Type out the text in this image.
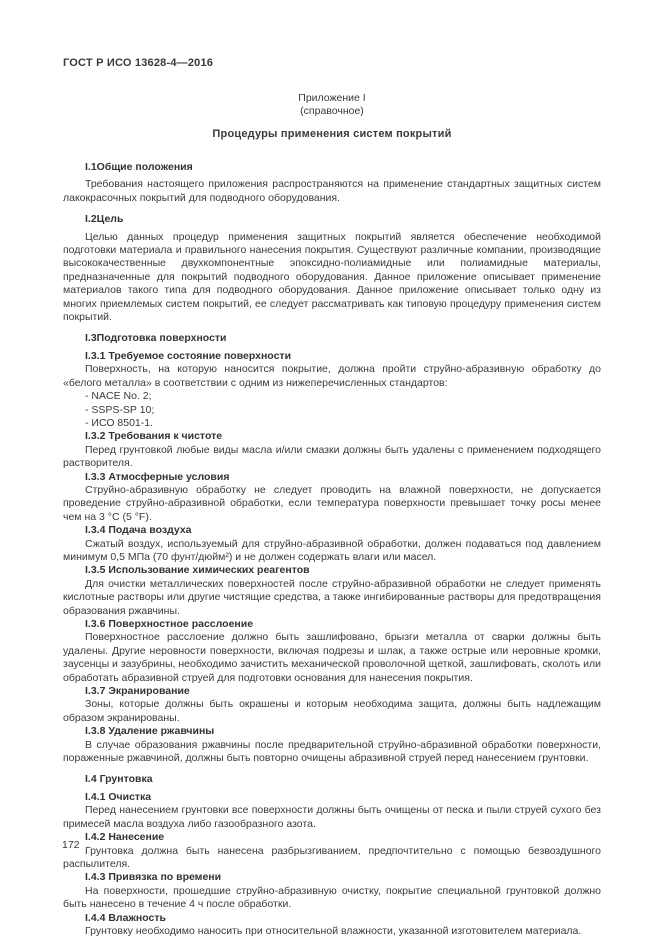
ГОСТ Р ИСО 13628-4—2016
Приложение I
(справочное)
Процедуры применения систем покрытий
I.1Общие положения
Требования настоящего приложения распространяются на применение стандартных защитных систем лакокрасочных покрытий для подводного оборудования.
I.2Цель
Целью данных процедур применения защитных покрытий является обеспечение необходимой подготовки материала и правильного нанесения покрытия. Существуют различные компании, производящие высококачественные двухкомпонентные эпоксидно-полиамидные или полиамидные материалы, предназначенные для покрытий подводного оборудования. Данное приложение описывает применение материалов такого типа для подводного оборудования. Данное приложение описывает только одну из многих приемлемых систем покрытий, ее следует рассматривать как типовую процедуру применения систем покрытий.
I.3Подготовка поверхности
I.3.1 Требуемое состояние поверхности
Поверхность, на которую наносится покрытие, должна пройти струйно-абразивную обработку до «белого металла» в соответствии с одним из нижеперечисленных стандартов:
- NACE No. 2;
- SSPS-SP 10;
- ИСО 8501-1.
I.3.2 Требования к чистоте
Перед грунтовкой любые виды масла и/или смазки должны быть удалены с применением подходящего растворителя.
I.3.3 Атмосферные условия
Струйно-абразивную обработку не следует проводить на влажной поверхности, не допускается проведение струйно-абразивной обработки, если температура поверхности превышает точку росы менее чем на 3 °C (5 °F).
I.3.4 Подача воздуха
Сжатый воздух, используемый для струйно-абразивной обработки, должен подаваться под давлением минимум 0,5 МПа (70 фунт/дюйм²) и не должен содержать влаги или масел.
I.3.5 Использование химических реагентов
Для очистки металлических поверхностей после струйно-абразивной обработки не следует применять кислотные растворы или другие чистящие средства, а также ингибированные растворы для предотвращения образования ржавчины.
I.3.6 Поверхностное расслоение
Поверхностное расслоение должно быть зашлифовано, брызги металла от сварки должны быть удалены. Другие неровности поверхности, включая подрезы и шлак, а также острые или неровные кромки, заусенцы и зазубрины, необходимо зачистить механической проволочной щеткой, зашлифовать, сколоть или обработать абразивной струей для подготовки основания для нанесения покрытия.
I.3.7 Экранирование
Зоны, которые должны быть окрашены и которым необходима защита, должны быть надлежащим образом экранированы.
I.3.8 Удаление ржавчины
В случае образования ржавчины после предварительной струйно-абразивной обработки поверхности, пораженные ржавчиной, должны быть повторно очищены абразивной струей перед нанесением грунтовки.
I.4 Грунтовка
I.4.1 Очистка
Перед нанесением грунтовки все поверхности должны быть очищены от песка и пыли струей сухого без примесей масла воздуха либо газообразного азота.
I.4.2 Нанесение
Грунтовка должна быть нанесена разбрызгиванием, предпочтительно с помощью безвоздушного распылителя.
I.4.3 Привязка по времени
На поверхности, прошедшие струйно-абразивную очистку, покрытие специальной грунтовкой должно быть нанесено в течение 4 ч после обработки.
I.4.4 Влажность
Грунтовку необходимо наносить при относительной влажности, указанной изготовителем материала.
172
